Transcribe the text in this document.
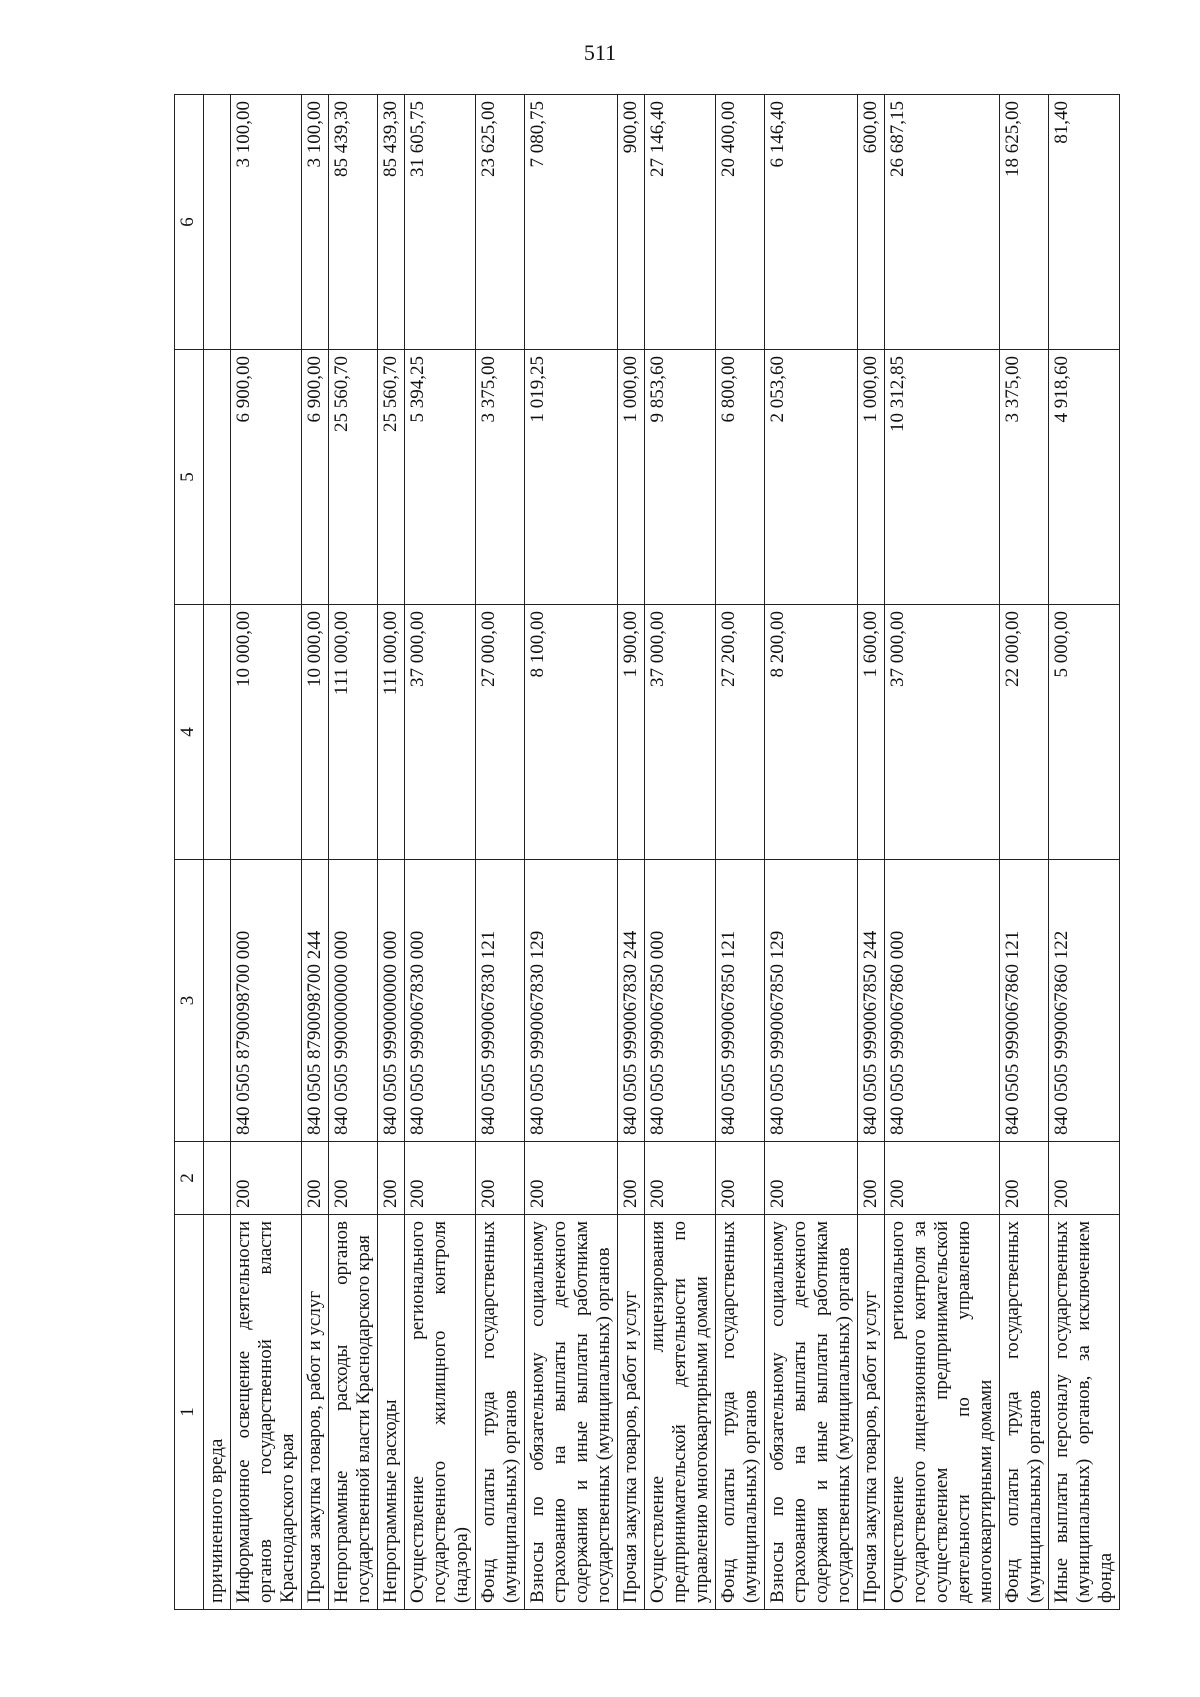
511
1	2	3	4	5	6
причиненного вреда					
Информационное освещение деятельности органов государственной власти Краснодарского края	200	840 0505 8790098700 000	10 000,00	6 900,00	3 100,00
Прочая закупка товаров, работ и услуг	200	840 0505 8790098700 244	10 000,00	6 900,00	3 100,00
Непрограммные расходы органов государственной власти Краснодарского края	200	840 0505 9900000000 000	111 000,00	25 560,70	85 439,30
Непрограммные расходы	200	840 0505 9990000000 000	111 000,00	25 560,70	85 439,30
Осуществление регионального государственного жилищного контроля (надзора)	200	840 0505 9990067830 000	37 000,00	5 394,25	31 605,75
Фонд оплаты труда государственных (муниципальных) органов	200	840 0505 9990067830 121	27 000,00	3 375,00	23 625,00
Взносы по обязательному социальному страхованию на выплаты денежного содержания и иные выплаты работникам государственных (муниципальных) органов	200	840 0505 9990067830 129	8 100,00	1 019,25	7 080,75
Прочая закупка товаров, работ и услуг	200	840 0505 9990067830 244	1 900,00	1 000,00	900,00
Осуществление лицензирования предпринимательской деятельности по управлению многоквартирными домами	200	840 0505 9990067850 000	37 000,00	9 853,60	27 146,40
Фонд оплаты труда государственных (муниципальных) органов	200	840 0505 9990067850 121	27 200,00	6 800,00	20 400,00
Взносы по обязательному социальному страхованию на выплаты денежного содержания и иные выплаты работникам государственных (муниципальных) органов	200	840 0505 9990067850 129	8 200,00	2 053,60	6 146,40
Прочая закупка товаров, работ и услуг	200	840 0505 9990067850 244	1 600,00	1 000,00	600,00
Осуществление регионального государственного лицензионного контроля за осуществлением предпринимательской деятельности по управлению многоквартирными домами	200	840 0505 9990067860 000	37 000,00	10 312,85	26 687,15
Фонд оплаты труда государственных (муниципальных) органов	200	840 0505 9990067860 121	22 000,00	3 375,00	18 625,00
Иные выплаты персоналу государственных (муниципальных) органов, за исключением фонда	200	840 0505 9990067860 122	5 000,00	4 918,60	81,40
